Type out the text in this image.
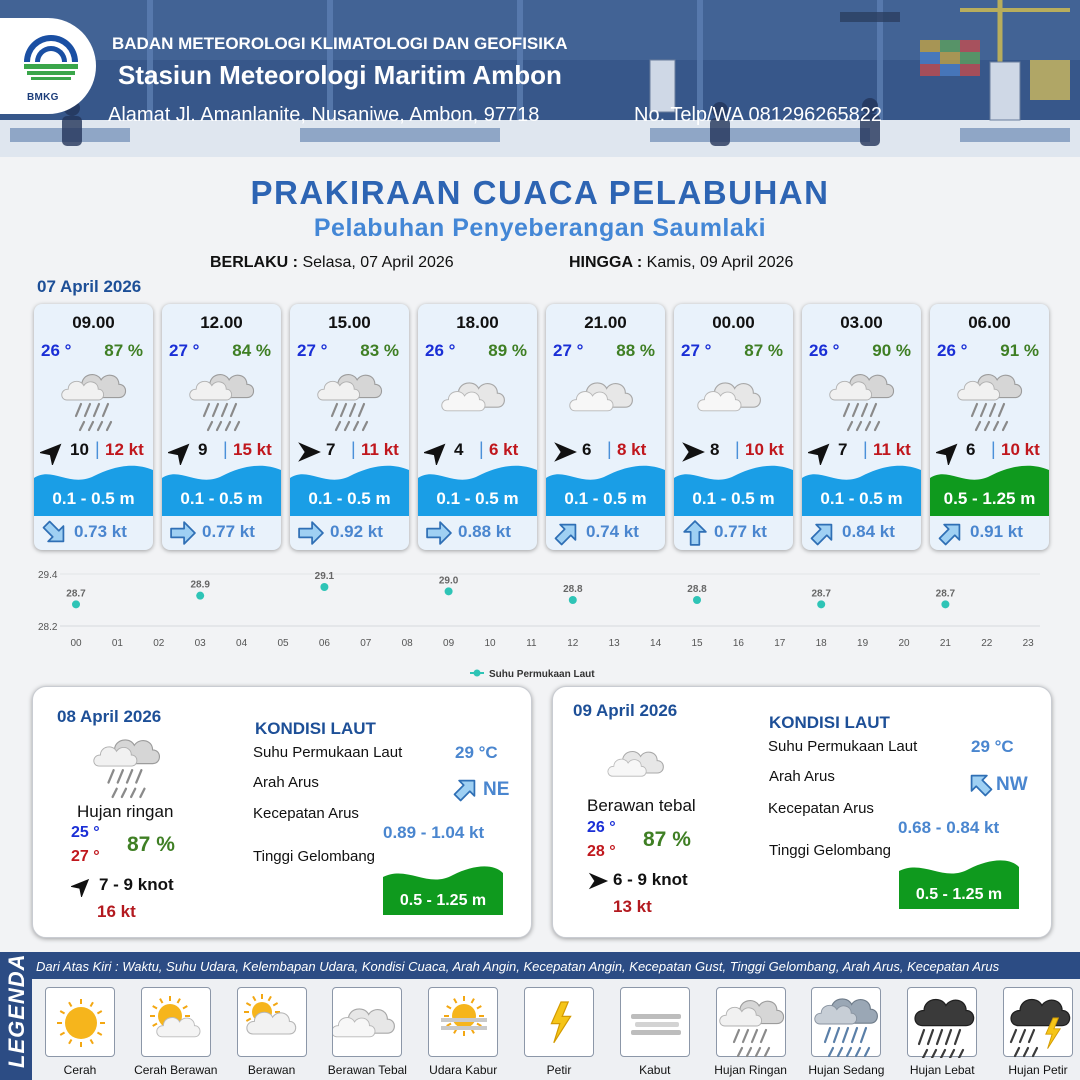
BMKG
BADAN METEOROLOGI KLIMATOLOGI DAN GEOFISIKA
Stasiun Meteorologi Maritim Ambon
Alamat Jl. Amanlanite, Nusaniwe, Ambon, 97718	No. Telp/WA 081296265822
PRAKIRAAN CUACA PELABUHAN
Pelabuhan Penyeberangan Saumlaki
BERLAKU : Selasa, 07 April 2026	HINGGA : Kamis, 09 April 2026
07 April 2026
09.00
26 ° 87 %
10 | 12 kt
0.1 - 0.5 m
0.73 kt
12.00
27 ° 84 %
9 | 15 kt
0.1 - 0.5 m
0.77 kt
15.00
27 ° 83 %
7 | 11 kt
0.1 - 0.5 m
0.92 kt
18.00
26 ° 89 %
4 | 6 kt
0.1 - 0.5 m
0.88 kt
21.00
27 ° 88 %
6 | 8 kt
0.1 - 0.5 m
0.74 kt
00.00
27 ° 87 %
8 | 10 kt
0.1 - 0.5 m
0.77 kt
03.00
26 ° 90 %
7 | 11 kt
0.1 - 0.5 m
0.84 kt
06.00
26 ° 91 %
6 | 10 kt
0.5 - 1.25 m
0.91 kt
29.4
28.2
00	01	02	03	04	05	06	07	08	09	10	11	12	13	14	15	16	17	18	19	20	21	22	23
28.7
28.9
29.1	29.0
28.8	28.8	28.7	28.7
Suhu Permukaan Laut
08 April 2026
Hujan ringan
25 °
27 °
87 %
7 - 9 knot
16 kt
KONDISI LAUT
Suhu Permukaan Laut	29 °C
Arah Arus	NE
Kecepatan Arus
0.89 - 1.04 kt
Tinggi Gelombang
0.5 - 1.25 m
09 April 2026
Berawan tebal
26 °
28 °
87 %
6 - 9 knot
13 kt
KONDISI LAUT
Suhu Permukaan Laut	29 °C
Arah Arus	NW
Kecepatan Arus
0.68 - 0.84 kt
Tinggi Gelombang
0.5 - 1.25 m
LEGENDA Dari Atas Kiri : Waktu, Suhu Udara, Kelembapan Udara, Kondisi Cuaca, Arah Angin, Kecepatan Angin, Kecepatan Gust, Tinggi Gelombang, Arah Arus, Kecepatan Arus
Cerah	Cerah Berawan	Berawan	Berawan Tebal	Udara Kabur	Petir	Kabut	Hujan Ringan	Hujan Sedang	Hujan Lebat	Hujan Petir
